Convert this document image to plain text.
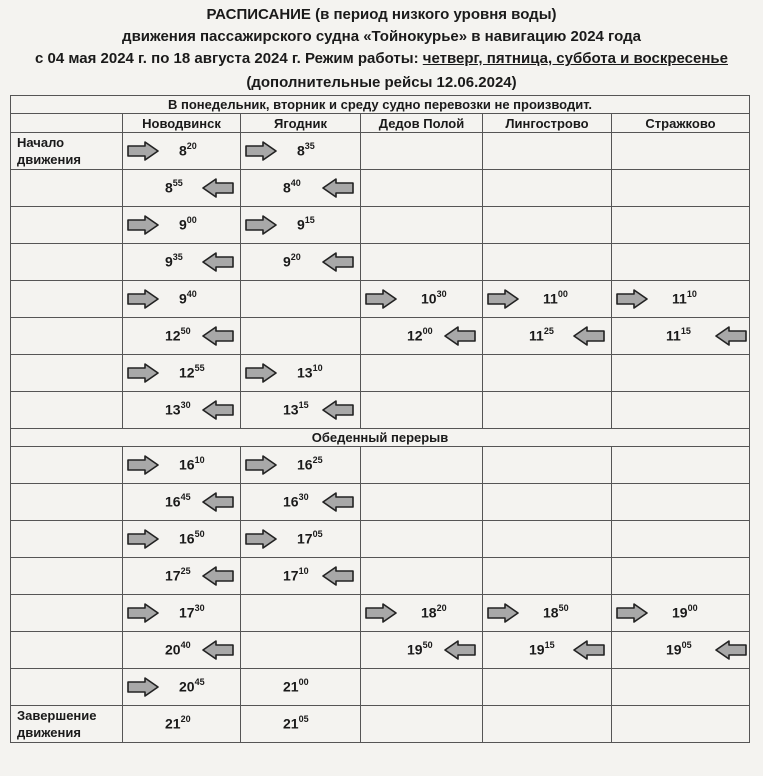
РАСПИСАНИЕ (в период низкого уровня воды)
движения пассажирского судна «Тойнокурье» в навигацию 2024 года
с 04 мая 2024 г. по 18 августа 2024 г. Режим работы: четверг, пятница, суббота и воскресенье
(дополнительные рейсы 12.06.2024)
В понедельник, вторник и среду судно перевозки не производит.					
	Новодвинск	Ягодник	Дедов Полой	Лингострово	Стражково
Начало движения	$8^{20}$	$8^{35}$

	$8^{55}$	$8^{40}$

	$9^{00}$	$9^{15}$

	$9^{35}$	$9^{20}$

	$9^{40}$		$10^{30}$	$11^{00}$	$11^{10}$

	$12^{50}$		$12^{00}$	$11^{25}$	$11^{15}$

	$12^{55}$	$13^{10}$

	$13^{30}$	$13^{15}$

Обеденный перерыв					

	$16^{10}$	$16^{25}$

	$16^{45}$	$16^{30}$

	$16^{50}$	$17^{05}$

	$17^{25}$	$17^{10}$

	$17^{30}$		$18^{20}$	$18^{50}$	$19^{00}$

	$20^{40}$		$19^{50}$	$19^{15}$	$19^{05}$

	$20^{45}$	$21^{00}$

Завершение движения	$21^{20}$	$21^{05}$
